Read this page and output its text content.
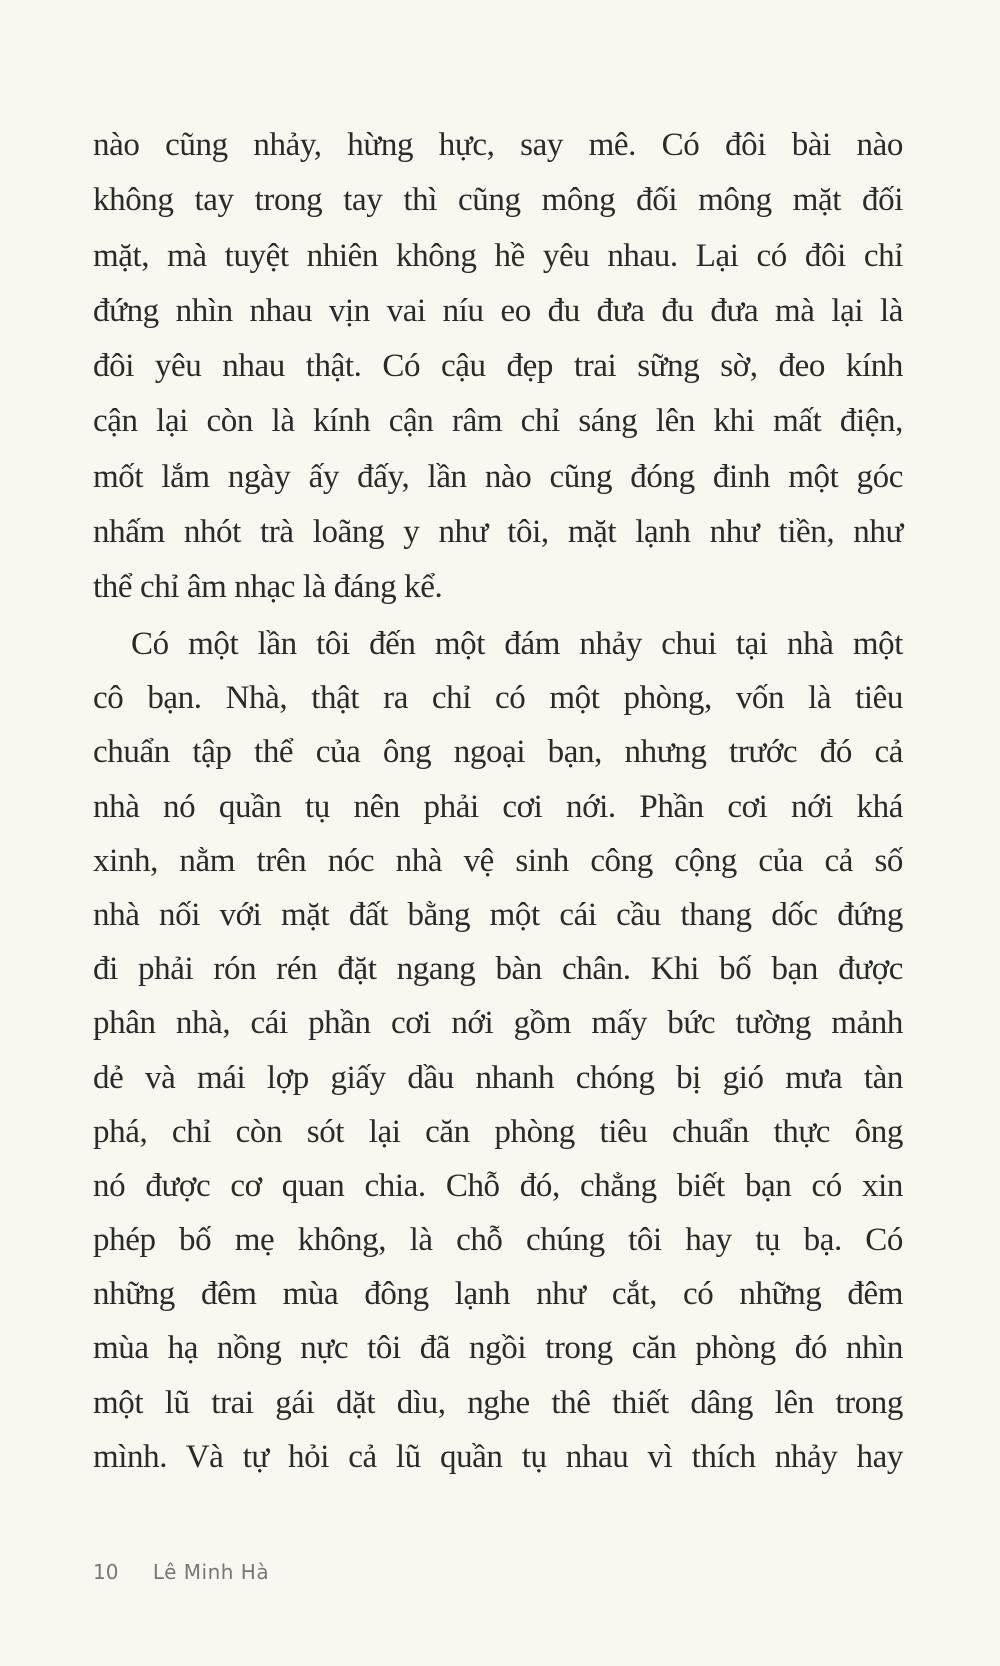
nào cũng nhảy, hừng hực, say mê. Có đôi bài nào
không tay trong tay thì cũng mông đối mông mặt đối
mặt, mà tuyệt nhiên không hề yêu nhau. Lại có đôi chỉ
đứng nhìn nhau vịn vai níu eo đu đưa đu đưa mà lại là
đôi yêu nhau thật. Có cậu đẹp trai sững sờ, đeo kính
cận lại còn là kính cận râm chỉ sáng lên khi mất điện,
mốt lắm ngày ấy đấy, lần nào cũng đóng đinh một góc
nhấm nhót trà loãng y như tôi, mặt lạnh như tiền, như
thể chỉ âm nhạc là đáng kể.
Có một lần tôi đến một đám nhảy chui tại nhà một
cô bạn. Nhà, thật ra chỉ có một phòng, vốn là tiêu
chuẩn tập thể của ông ngoại bạn, nhưng trước đó cả
nhà nó quần tụ nên phải cơi nới. Phần cơi nới khá
xinh, nằm trên nóc nhà vệ sinh công cộng của cả số
nhà nối với mặt đất bằng một cái cầu thang dốc đứng
đi phải rón rén đặt ngang bàn chân. Khi bố bạn được
phân nhà, cái phần cơi nới gồm mấy bức tường mảnh
dẻ và mái lợp giấy dầu nhanh chóng bị gió mưa tàn
phá, chỉ còn sót lại căn phòng tiêu chuẩn thực ông
nó được cơ quan chia. Chỗ đó, chẳng biết bạn có xin
phép bố mẹ không, là chỗ chúng tôi hay tụ bạ. Có
những đêm mùa đông lạnh như cắt, có những đêm
mùa hạ nồng nực tôi đã ngồi trong căn phòng đó nhìn
một lũ trai gái dặt dìu, nghe thê thiết dâng lên trong
mình. Và tự hỏi cả lũ quần tụ nhau vì thích nhảy hay
10 Lê Minh Hà
